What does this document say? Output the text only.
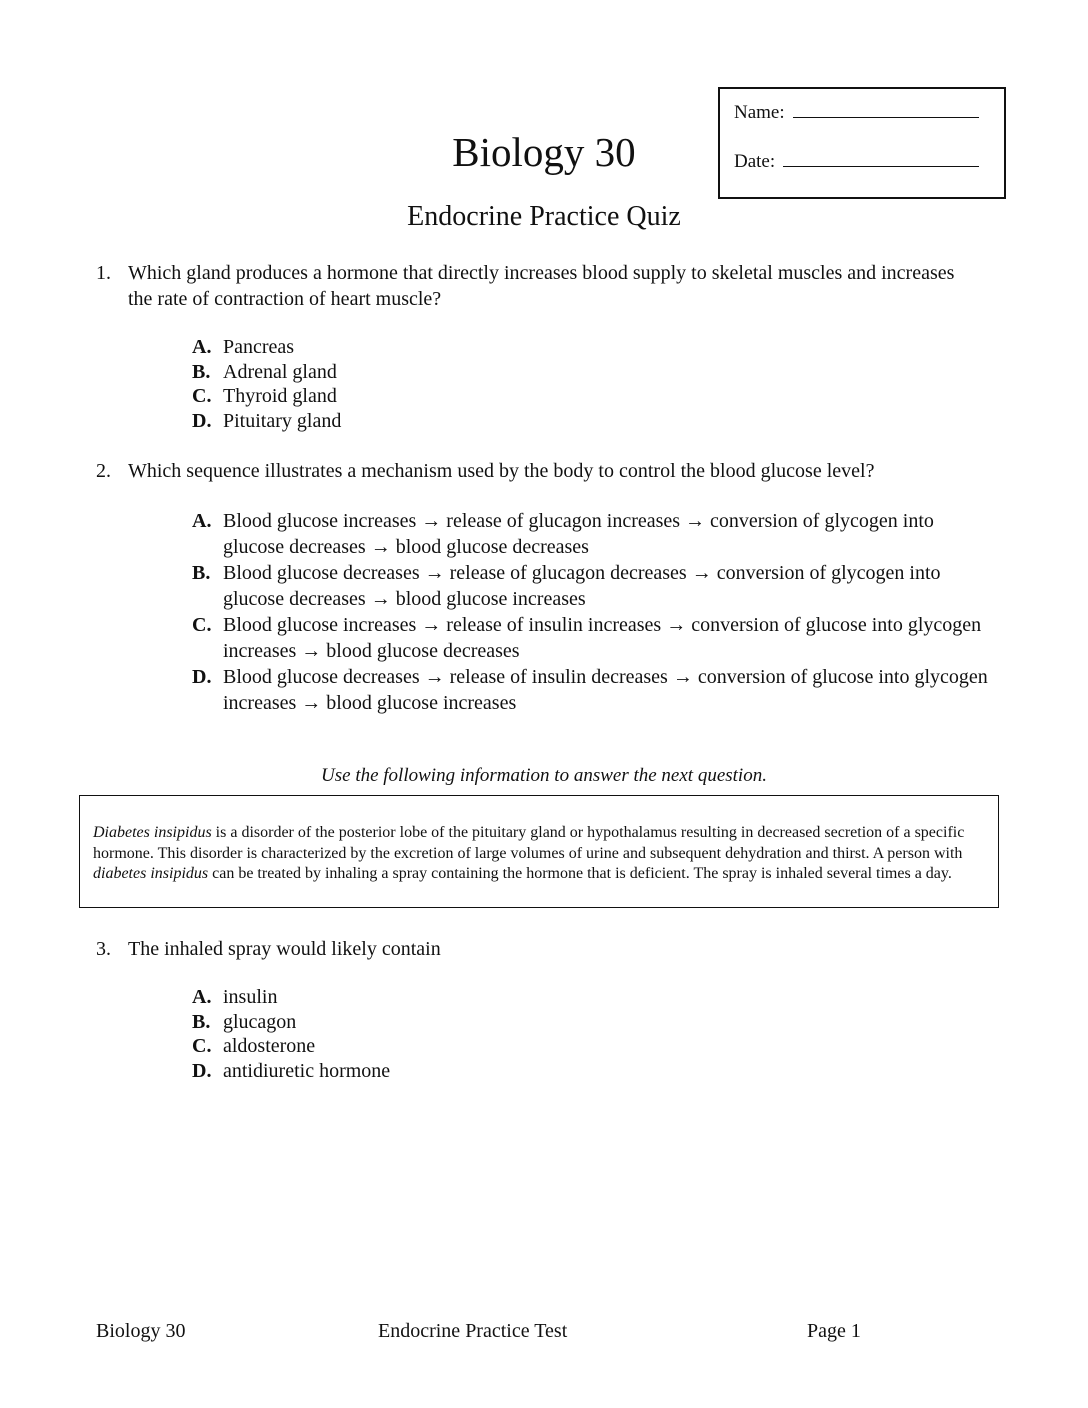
Name:
Date:
Biology 30
Endocrine Practice Quiz
1. Which gland produces a hormone that directly increases blood supply to skeletal muscles and increases the rate of contraction of heart muscle?
A. Pancreas
B. Adrenal gland
C. Thyroid gland
D. Pituitary gland
2. Which sequence illustrates a mechanism used by the body to control the blood glucose level?
A. Blood glucose increases → release of glucagon increases → conversion of glycogen into glucose decreases → blood glucose decreases
B. Blood glucose decreases → release of glucagon decreases → conversion of glycogen into glucose decreases → blood glucose increases
C. Blood glucose increases → release of insulin increases → conversion of glucose into glycogen increases → blood glucose decreases
D. Blood glucose decreases → release of insulin decreases → conversion of glucose into glycogen increases → blood glucose increases
Use the following information to answer the next question.
Diabetes insipidus is a disorder of the posterior lobe of the pituitary gland or hypothalamus resulting in decreased secretion of a specific hormone. This disorder is characterized by the excretion of large volumes of urine and subsequent dehydration and thirst. A person with diabetes insipidus can be treated by inhaling a spray containing the hormone that is deficient. The spray is inhaled several times a day.
3. The inhaled spray would likely contain
A. insulin
B. glucagon
C. aldosterone
D. antidiuretic hormone
Biology 30	Endocrine Practice Test	Page 1
